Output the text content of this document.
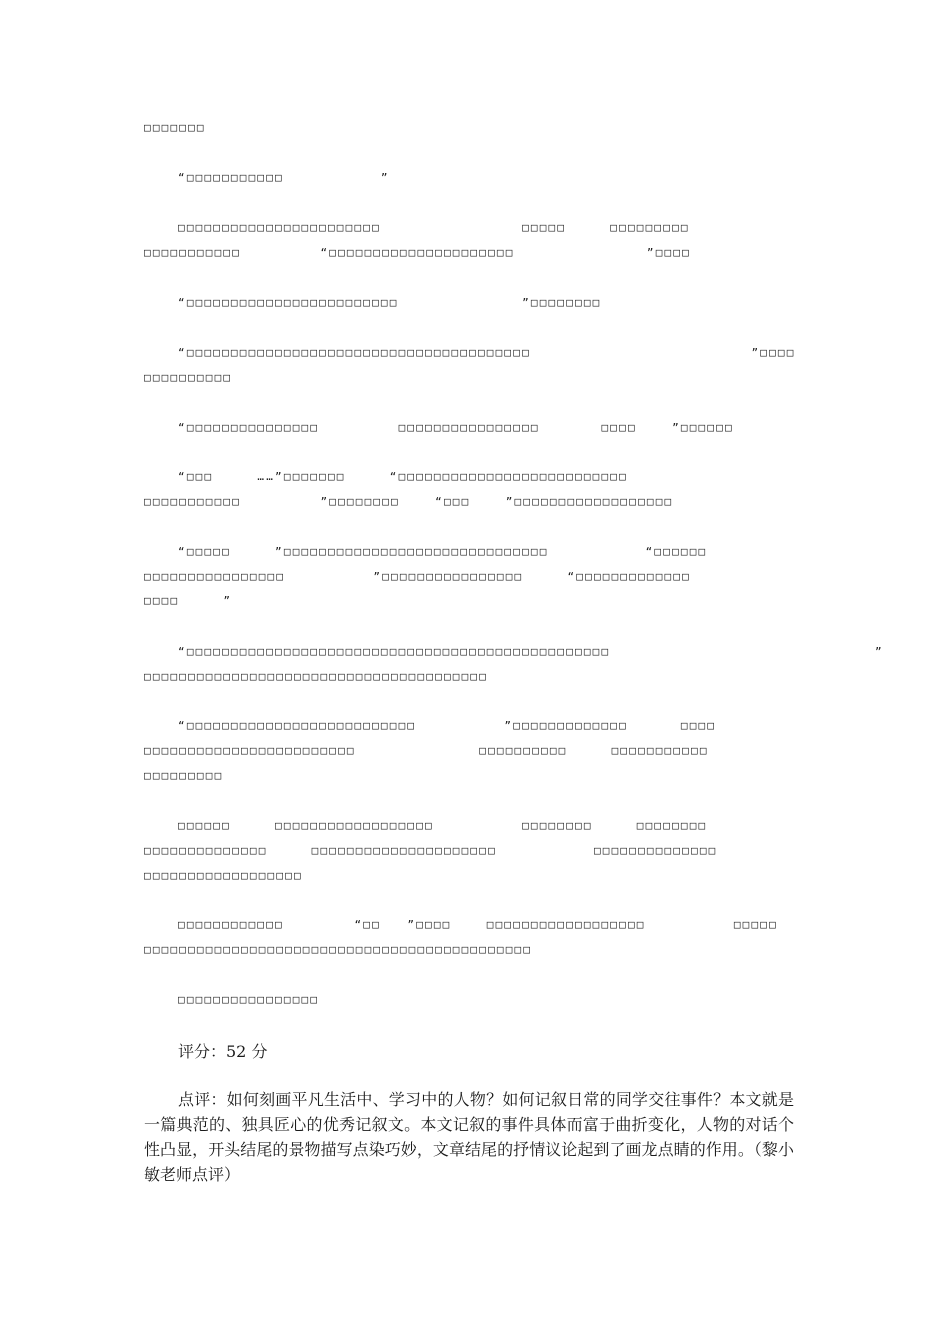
□□□□□□□
“□□□□□□□□□□□           ”
□□□□□□□□□□□□□□□□□□□□□□□                □□□□□     □□□□□□□□□
□□□□□□□□□□□         “□□□□□□□□□□□□□□□□□□□□□               ”□□□□
“□□□□□□□□□□□□□□□□□□□□□□□□              ”□□□□□□□□
“□□□□□□□□□□□□□□□□□□□□□□□□□□□□□□□□□□□□□□□                         ”□□□□
□□□□□□□□□□
“□□□□□□□□□□□□□□□         □□□□□□□□□□□□□□□□       □□□□    ”□□□□□□
“□□□     ……”□□□□□□□     “□□□□□□□□□□□□□□□□□□□□□□□□□□
□□□□□□□□□□□         ”□□□□□□□□    “□□□    ”□□□□□□□□□□□□□□□□□□
“□□□□□     ”□□□□□□□□□□□□□□□□□□□□□□□□□□□□□□           “□□□□□□
□□□□□□□□□□□□□□□□          ”□□□□□□□□□□□□□□□□     “□□□□□□□□□□□□□
□□□□     ”
“□□□□□□□□□□□□□□□□□□□□□□□□□□□□□□□□□□□□□□□□□□□□□□□□                              ”
□□□□□□□□□□□□□□□□□□□□□□□□□□□□□□□□□□□□□□□
“□□□□□□□□□□□□□□□□□□□□□□□□□□          ”□□□□□□□□□□□□□      □□□□
□□□□□□□□□□□□□□□□□□□□□□□□              □□□□□□□□□□     □□□□□□□□□□□
□□□□□□□□□
□□□□□□     □□□□□□□□□□□□□□□□□□          □□□□□□□□     □□□□□□□□
□□□□□□□□□□□□□□     □□□□□□□□□□□□□□□□□□□□□           □□□□□□□□□□□□□□
□□□□□□□□□□□□□□□□□□
□□□□□□□□□□□□        “□□   ”□□□□    □□□□□□□□□□□□□□□□□□          □□□□□
□□□□□□□□□□□□□□□□□□□□□□□□□□□□□□□□□□□□□□□□□□□□
□□□□□□□□□□□□□□□□
评分：52 分
点评：如何刻画平凡生活中、学习中的人物？如何记叙日常的同学交往事件？本文就是一篇典范的、独具匠心的优秀记叙文。本文记叙的事件具体而富于曲折变化，人物的对话个性凸显，开头结尾的景物描写点染巧妙，文章结尾的抒情议论起到了画龙点睛的作用。（黎小敏老师点评）
